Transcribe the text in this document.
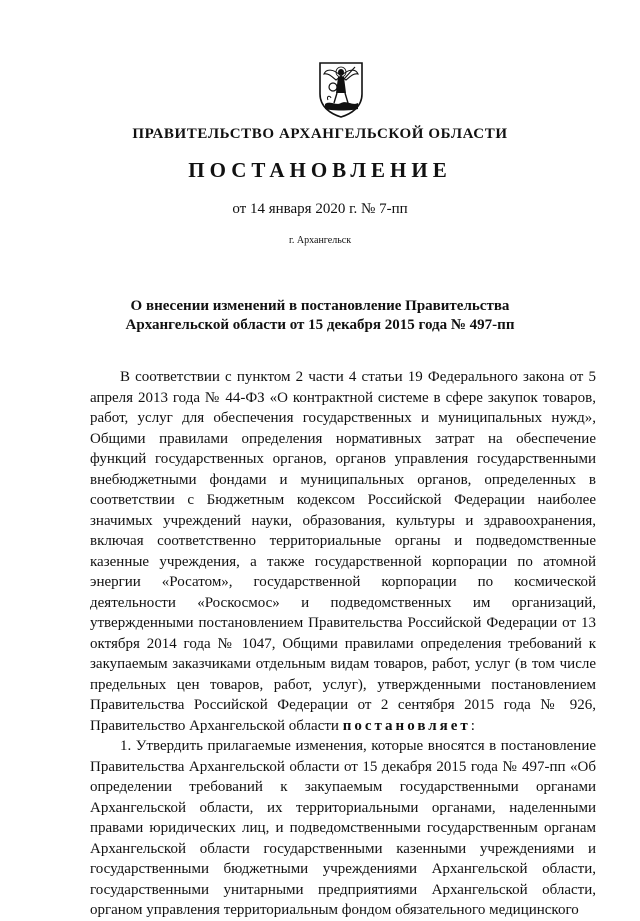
ПРАВИТЕЛЬСТВО АРХАНГЕЛЬСКОЙ ОБЛАСТИ
ПОСТАНОВЛЕНИЕ
от 14 января 2020 г. № 7-пп
г. Архангельск
О внесении изменений в постановление Правительства
Архангельской области от 15 декабря 2015 года № 497-пп

В соответствии с пунктом 2 части 4 статьи 19 Федерального закона от 5 апреля 2013 года № 44-ФЗ «О контрактной системе в сфере закупок товаров, работ, услуг для обеспечения государственных и муниципальных нужд», Общими правилами определения нормативных затрат на обеспечение функций государственных органов, органов управления государственными внебюджетными фондами и муниципальных органов, определенных в соответствии с Бюджетным кодексом Российской Федерации наиболее значимых учреждений науки, образования, культуры и здравоохранения, включая соответственно территориальные органы и подведомственные казенные учреждения, а также государственной корпорации по атомной энергии «Росатом», государственной корпорации по космической деятельности «Роскосмос» и подведомственных им организаций, утвержденными постановлением Правительства Российской Федерации от 13 октября 2014 года № 1047, Общими правилами определения требований к закупаемым заказчиками отдельным видам товаров, работ, услуг (в том числе предельных цен товаров, работ, услуг), утвержденными постановлением Правительства Российской Федерации от 2 сентября 2015 года № 926, Правительство Архангельской области постановляет:

1. Утвердить прилагаемые изменения, которые вносятся в постановление Правительства Архангельской области от 15 декабря 2015 года № 497-пп «Об определении требований к закупаемым государственными органами Архангельской области, их территориальными органами, наделенными правами юридических лиц, и подведомственными государственным органам Архангельской области государственными казенными учреждениями и государственными бюджетными учреждениями Архангельской области, государственными унитарными предприятиями Архангельской области, органом управления территориальным фондом обязательного медицинского
